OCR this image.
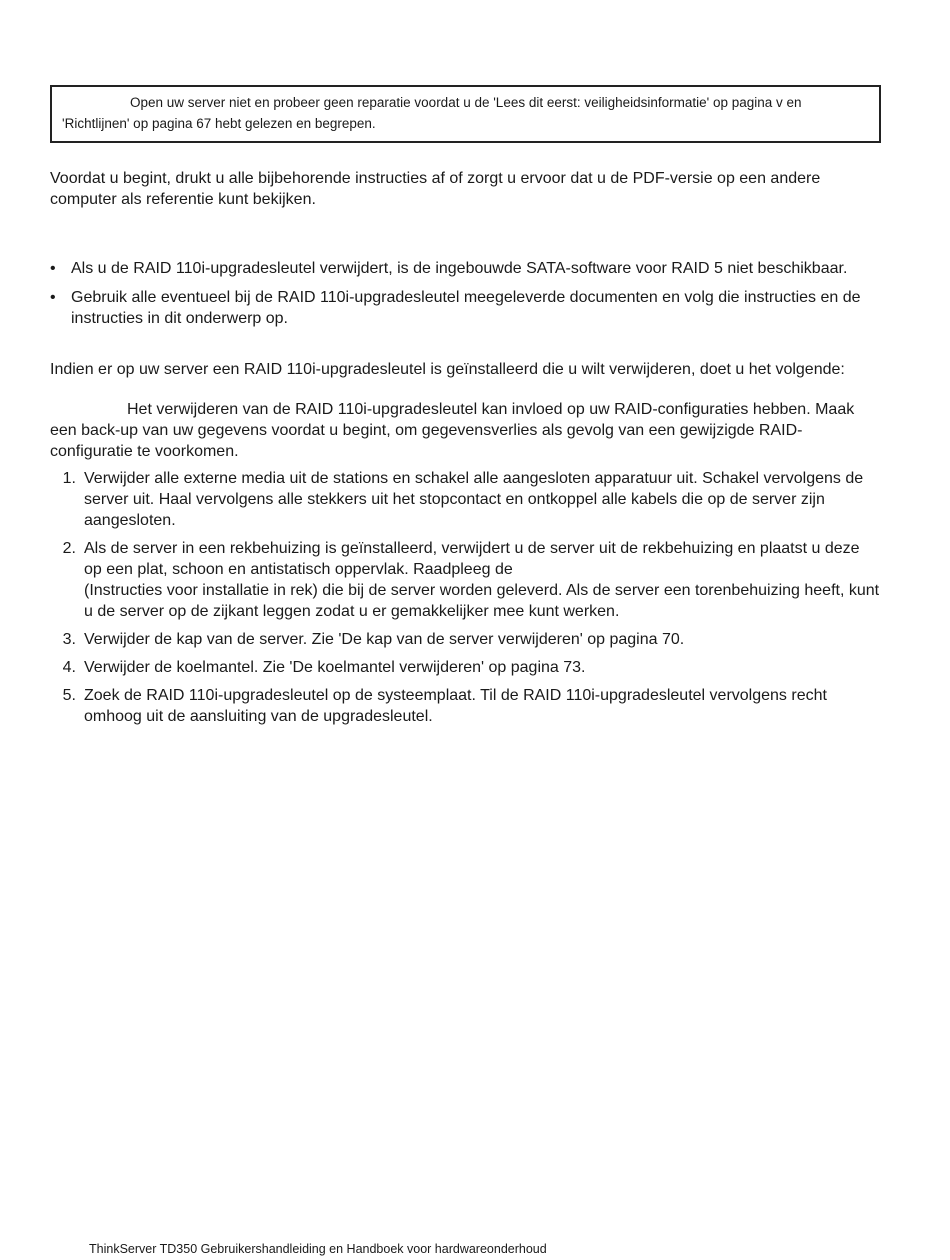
Open uw server niet en probeer geen reparatie voordat u de 'Lees dit eerst: veiligheidsinformatie' op pagina v en 'Richtlijnen' op pagina 67 hebt gelezen en begrepen.

Voordat u begint, drukt u alle bijbehorende instructies af of zorgt u ervoor dat u de PDF-versie op een andere computer als referentie kunt bekijken.

• Als u de RAID 110i-upgradesleutel verwijdert, is de ingebouwde SATA-software voor RAID 5 niet beschikbaar.
• Gebruik alle eventueel bij de RAID 110i-upgradesleutel meegeleverde documenten en volg die instructies en de instructies in dit onderwerp op.

Indien er op uw server een RAID 110i-upgradesleutel is geïnstalleerd die u wilt verwijderen, doet u het volgende:

Het verwijderen van de RAID 110i-upgradesleutel kan invloed op uw RAID-configuraties hebben. Maak een back-up van uw gegevens voordat u begint, om gegevensverlies als gevolg van een gewijzigde RAID-configuratie te voorkomen.

1. Verwijder alle externe media uit de stations en schakel alle aangesloten apparatuur uit. Schakel vervolgens de server uit. Haal vervolgens alle stekkers uit het stopcontact en ontkoppel alle kabels die op de server zijn aangesloten.
2. Als de server in een rekbehuizing is geïnstalleerd, verwijdert u de server uit de rekbehuizing en plaatst u deze op een plat, schoon en antistatisch oppervlak. Raadpleeg de
(Instructies voor installatie in rek) die bij de server worden geleverd. Als de server een torenbehuizing heeft, kunt u de server op de zijkant leggen zodat u er gemakkelijker mee kunt werken.
3. Verwijder de kap van de server. Zie 'De kap van de server verwijderen' op pagina 70.
4. Verwijder de koelmantel. Zie 'De koelmantel verwijderen' op pagina 73.
5. Zoek de RAID 110i-upgradesleutel op de systeemplaat. Til de RAID 110i-upgradesleutel vervolgens recht omhoog uit de aansluiting van de upgradesleutel.
ThinkServer TD350 Gebruikershandleiding en Handboek voor hardwareonderhoud
